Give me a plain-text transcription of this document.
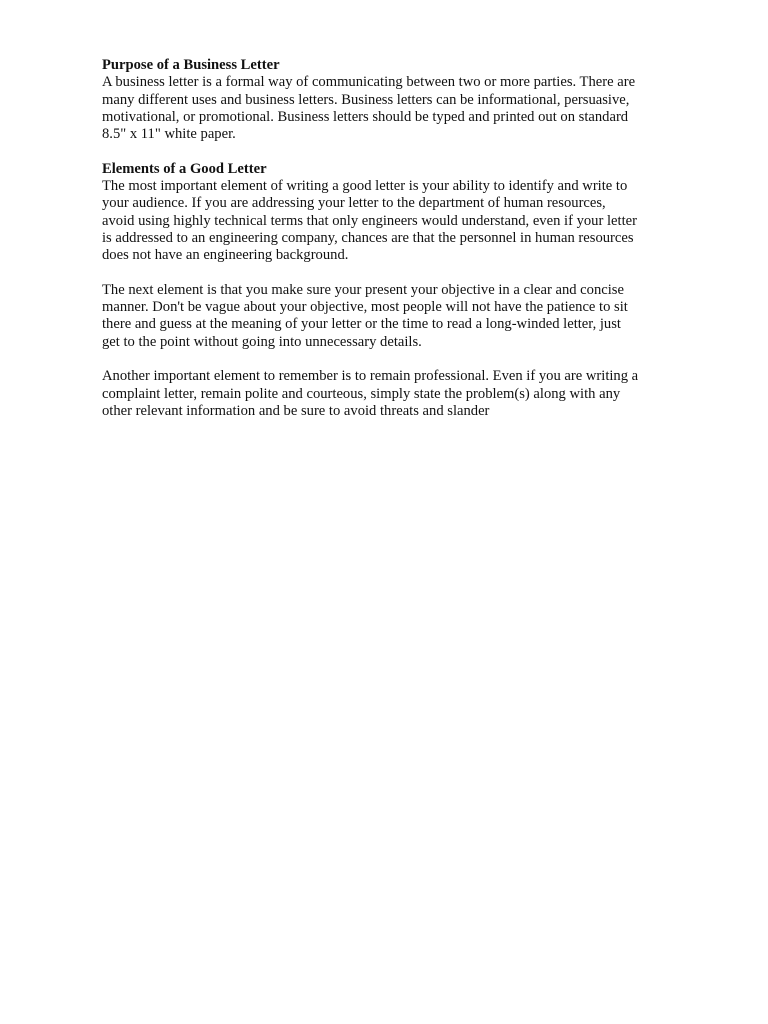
Purpose of a Business Letter
A business letter is a formal way of communicating between two or more parties. There are
many different uses and business letters. Business letters can be informational, persuasive,
motivational, or promotional. Business letters should be typed and printed out on standard
8.5" x 11" white paper.
Elements of a Good Letter
The most important element of writing a good letter is your ability to identify and write to
your audience. If you are addressing your letter to the department of human resources,
avoid using highly technical terms that only engineers would understand, even if your letter
is addressed to an engineering company, chances are that the personnel in human resources
does not have an engineering background.
The next element is that you make sure your present your objective in a clear and concise
manner. Don't be vague about your objective, most people will not have the patience to sit
there and guess at the meaning of your letter or the time to read a long-winded letter, just
get to the point without going into unnecessary details.
Another important element to remember is to remain professional. Even if you are writing a
complaint letter, remain polite and courteous, simply state the problem(s) along with any
other relevant information and be sure to avoid threats and slander
